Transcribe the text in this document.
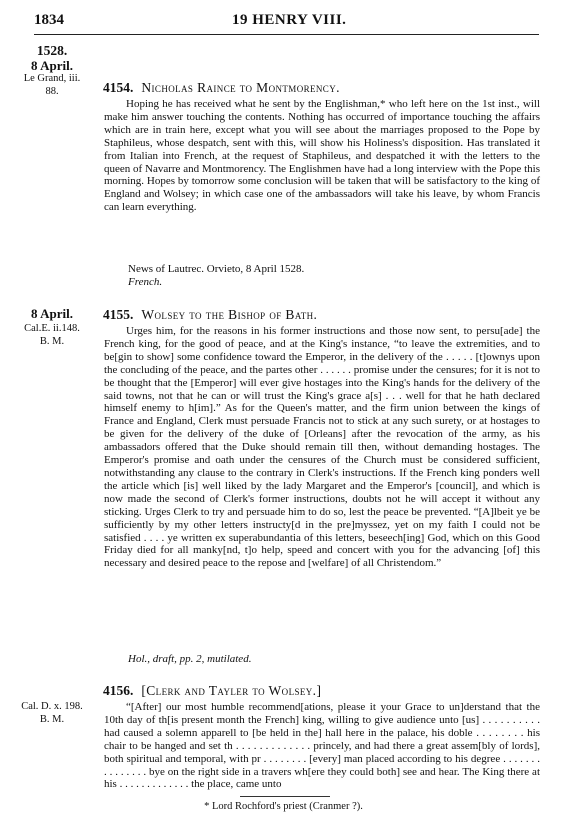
1834	19 HENRY VIII.
1528.
8 April.
Le Grand, iii.
88.	4154. Nicholas Raince to Montmorency.

Hoping he has received what he sent by the Englishman,* who left here on the 1st inst., will make him answer touching the contents. Nothing has occurred of importance touching the affairs which are in train here, except what you will see about the marriages proposed to the Pope by Staphileus, whose despatch, sent with this, will show his Holiness's disposition. Has translated it from Italian into French, at the request of Staphileus, and despatched it with the letters to the queen of Navarre and Montmorency. The Englishmen have had a long interview with the Pope this morning. Hopes by tomorrow some conclusion will be taken that will be satisfactory to the king of England and Wolsey; in which case one of the ambassadors will take his leave, by whom Francis can learn everything.

News of Lautrec. Orvieto, 8 April 1528.
French.
8 April.
Cal.E. ii.148.
B. M.
4155. Wolsey to the Bishop of Bath.

Urges him, for the reasons in his former instructions and those now sent, to persu[ade] the French king, for the good of peace, and at the King's instance, “to leave the extremities, and to be[gin to show] some confidence toward the Emperor, in the delivery of the . . . . . [t]ownys upon the concluding of the peace, and the partes other . . . . . . promise under the censures; for it is not to be thought that the [Emperor] will ever give hostages into the King's hands for the delivery of the said towns, not that he can or will trust the King's grace a[s] . . . well for that he hath declared himself enemy to h[im].” As for the Queen's matter, and the firm union between the kings of France and England, Clerk must persuade Francis not to stick at any such surety, or at hostages to be given for the delivery of the duke of [Orleans] after the revocation of the army, as his ambassadors offered that the Duke should remain till then, without demanding hostages. The Emperor's promise and oath under the censures of the Church must be considered sufficient, notwithstanding any clause to the contrary in Clerk's instructions. If the French king ponders well the article which [is] well liked by the lady Margaret and the Emperor's [council], and which is now made the second of Clerk's former instructions, doubts not he will accept it without any sticking. Urges Clerk to try and persuade him to do so, lest the peace be prevented. “[A]lbeit ye be sufficiently by my other letters instructy[d in the pre]myssez, yet on my faith I could not be satisfied . . . . ye written ex superabundantia of this letters, beseech[ing] God, which on this Good Friday died for all manky[nd, t]o help, speed and concert with you for the advancing [of] this necessary and desired peace to the repose and [welfare] of all Christendom.”

Hol., draft, pp. 2, mutilated.
Cal. D. x. 198.
B. M.
4156. [Clerk and Tayler to Wolsey.]

“[After] our most humble recommend[ations, please it your Grace to un]derstand that the 10th day of th[is present month the French] king, willing to give audience unto [us] . . . . . . . . . . had caused a solemn apparell to [be held in the] hall here in the palace, his doble . . . . . . . . his chair to be hanged and set th . . . . . . . . . . . . . princely, and had there a great assem[bly of lords], both spiritual and temporal, with pr . . . . . . . . [every] man placed according to his degree . . . . . . . . . . . . . . . bye on the right side in a travers wh[ere they could both] see and hear. The King there at his . . . . . . . . . . . . . the place, came unto

* Lord Rochford's priest (Cranmer ?).
